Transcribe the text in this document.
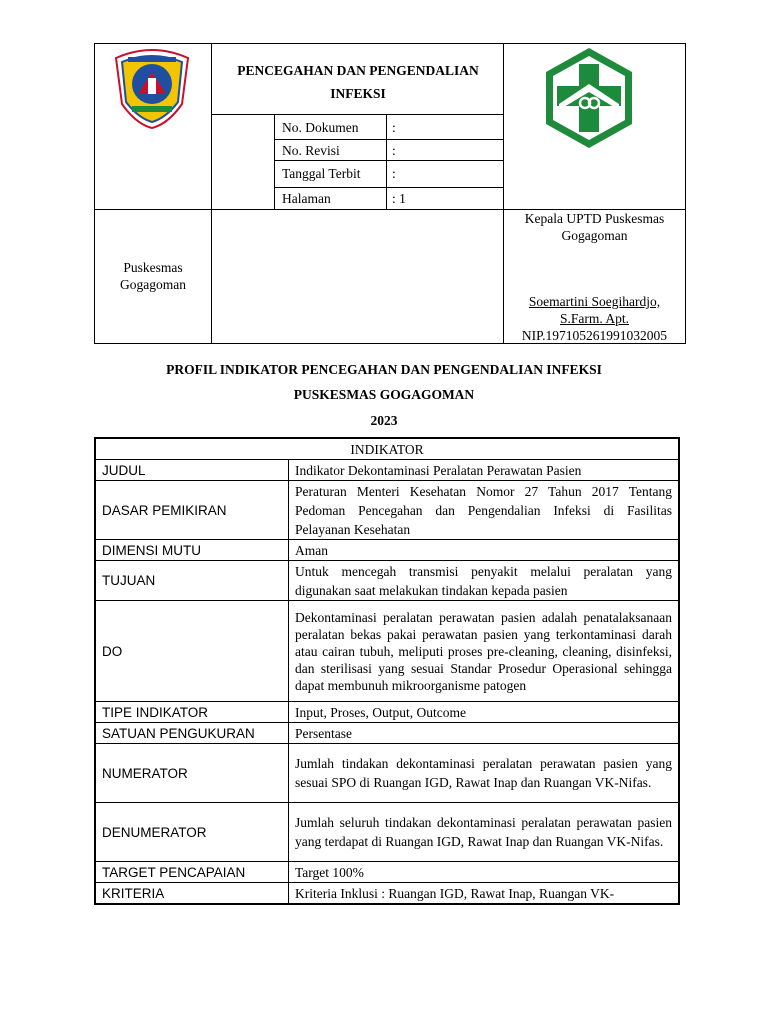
PENCEGAHAN DAN PENGENDALIAN INFEKSI
No. Dokumen :
No. Revisi	:
Tanggal Terbit :
Halaman	: 1
Puskesmas
Gogagoman
Kepala UPTD Puskesmas
Gogagoman
Soemartini Soegihardjo,
S.Farm. Apt.
NIP.197105261991032005
PROFIL INDIKATOR PENCEGAHAN DAN PENGENDALIAN INFEKSI
PUSKESMAS GOGAGOMAN
2023
INDIKATOR	
JUDUL	Indikator Dekontaminasi Peralatan Perawatan Pasien
DASAR PEMIKIRAN	Peraturan Menteri Kesehatan Nomor 27 Tahun 2017 Tentang Pedoman Pencegahan dan Pengendalian Infeksi di Fasilitas Pelayanan Kesehatan
DIMENSI MUTU	Aman
TUJUAN	Untuk mencegah transmisi penyakit melalui peralatan yang digunakan saat melakukan tindakan kepada pasien
DO	Dekontaminasi peralatan perawatan pasien adalah penatalaksanaan peralatan bekas pakai perawatan pasien yang terkontaminasi darah atau cairan tubuh, meliputi proses pre-cleaning, cleaning, disinfeksi, dan sterilisasi yang sesuai Standar Prosedur Operasional sehingga dapat membunuh mikroorganisme patogen
TIPE INDIKATOR	Input, Proses, Output, Outcome
SATUAN PENGUKURAN	Persentase
NUMERATOR	Jumlah tindakan dekontaminasi peralatan perawatan pasien yang sesuai SPO di Ruangan IGD, Rawat Inap dan Ruangan VK-Nifas.
DENUMERATOR	Jumlah seluruh tindakan dekontaminasi peralatan perawatan pasien yang terdapat di Ruangan IGD, Rawat Inap dan Ruangan VK-Nifas.
TARGET PENCAPAIAN	Target 100%
KRITERIA	Kriteria Inklusi : Ruangan IGD, Rawat Inap, Ruangan VK-
